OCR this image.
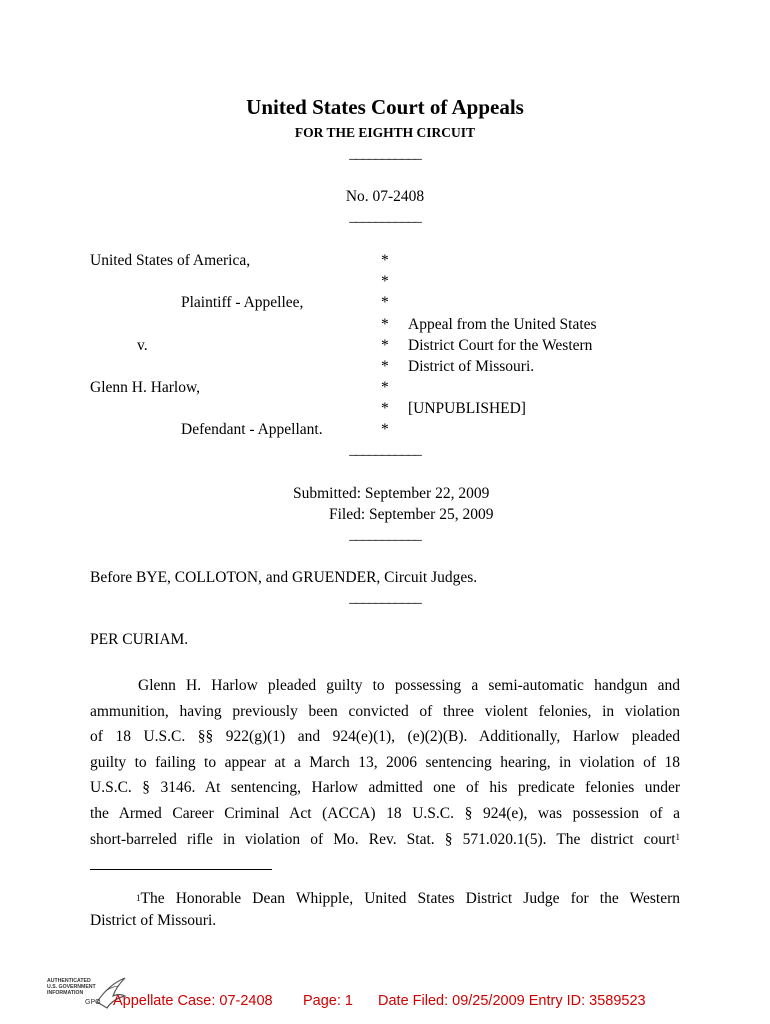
United States Court of Appeals
FOR THE EIGHTH CIRCUIT
___________
No. 07-2408
___________
United States of America,
Plaintiff - Appellee,
v.
Glenn H. Harlow,
Defendant - Appellant.
*
*
*
*
*
*
*
*
*
Appeal from the United States
District Court for the Western
District of Missouri.
[UNPUBLISHED]
___________
Submitted: September 22, 2009
Filed: September 25, 2009
___________
Before BYE, COLLOTON, and GRUENDER, Circuit Judges.
___________
PER CURIAM.
Glenn H. Harlow pleaded guilty to possessing a semi-automatic handgun and
ammunition, having previously been convicted of three violent felonies, in violation
of 18 U.S.C. §§ 922(g)(1) and 924(e)(1), (e)(2)(B). Additionally, Harlow pleaded
guilty to failing to appear at a March 13, 2006 sentencing hearing, in violation of 18
U.S.C. § 3146. At sentencing, Harlow admitted one of his predicate felonies under
the Armed Career Criminal Act (ACCA) 18 U.S.C. § 924(e), was possession of a
short-barreled rifle in violation of Mo. Rev. Stat. § 571.020.1(5). The district court$^1$
$^1$The Honorable Dean Whipple, United States District Judge for the Western
District of Missouri.
AUTHENTICATED
U.S. GOVERNMENT
INFORMATION
GPO Appellate Case: 07-2408 Page: 1 Date Filed: 09/25/2009 Entry ID: 3589523
